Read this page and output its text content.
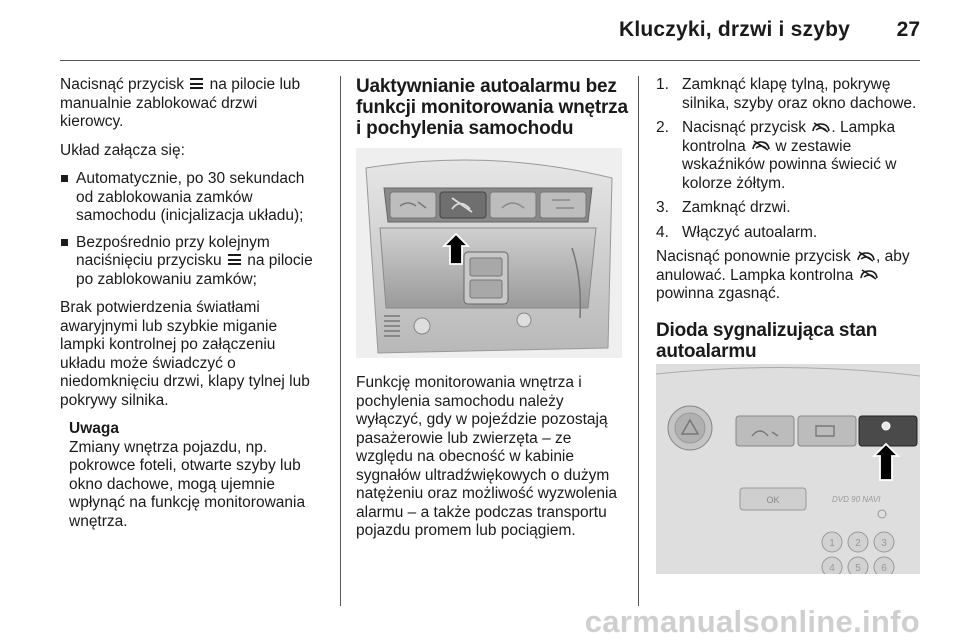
Kluczyki, drzwi i szyby 27

Nacisnąć przycisk  na pilocie lub manualnie zablokować drzwi kierowcy.

Układ załącza się:

Automatycznie, po 30 sekundach od zablokowania zamków samochodu (inicjalizacja układu);
Bezpośrednio przy kolejnym naciśnięciu przycisku  na pilocie po zablokowaniu zamków;

Brak potwierdzenia światłami awaryjnymi lub szybkie miganie lampki kontrolnej po załączeniu układu może świadczyć o niedomknięciu drzwi, klapy tylnej lub pokrywy silnika.

Uwaga
Zmiany wnętrza pojazdu, np. pokrowce foteli, otwarte szyby lub okno dachowe, mogą ujemnie wpłynąć na funkcję monitorowania wnętrza.
Uaktywnianie autoalarmu bez funkcji monitorowania wnętrza i pochylenia samochodu

Funkcję monitorowania wnętrza i pochylenia samochodu należy wyłączyć, gdy w pojeździe pozostają pasażerowie lub zwierzęta – ze względu na obecność w kabinie sygnałów ultradźwiękowych o dużym natężeniu oraz możliwość wyzwolenia alarmu – a także podczas transportu pojazdu promem lub pociągiem.

1. Zamknąć klapę tylną, pokrywę silnika, szyby oraz okno dachowe.
2. Nacisnąć przycisk . Lampka kontrolna  w zestawie wskaźników powinna świecić w kolorze żółtym.
3. Zamknąć drzwi.
4. Włączyć autoalarm.

Nacisnąć ponownie przycisk , aby anulować. Lampka kontrolna  powinna zgasnąć.

Dioda sygnalizująca stan autoalarmu
OK	DVD 90 NAVI
1 2 3
4 5 6
carmanualsonline.info
